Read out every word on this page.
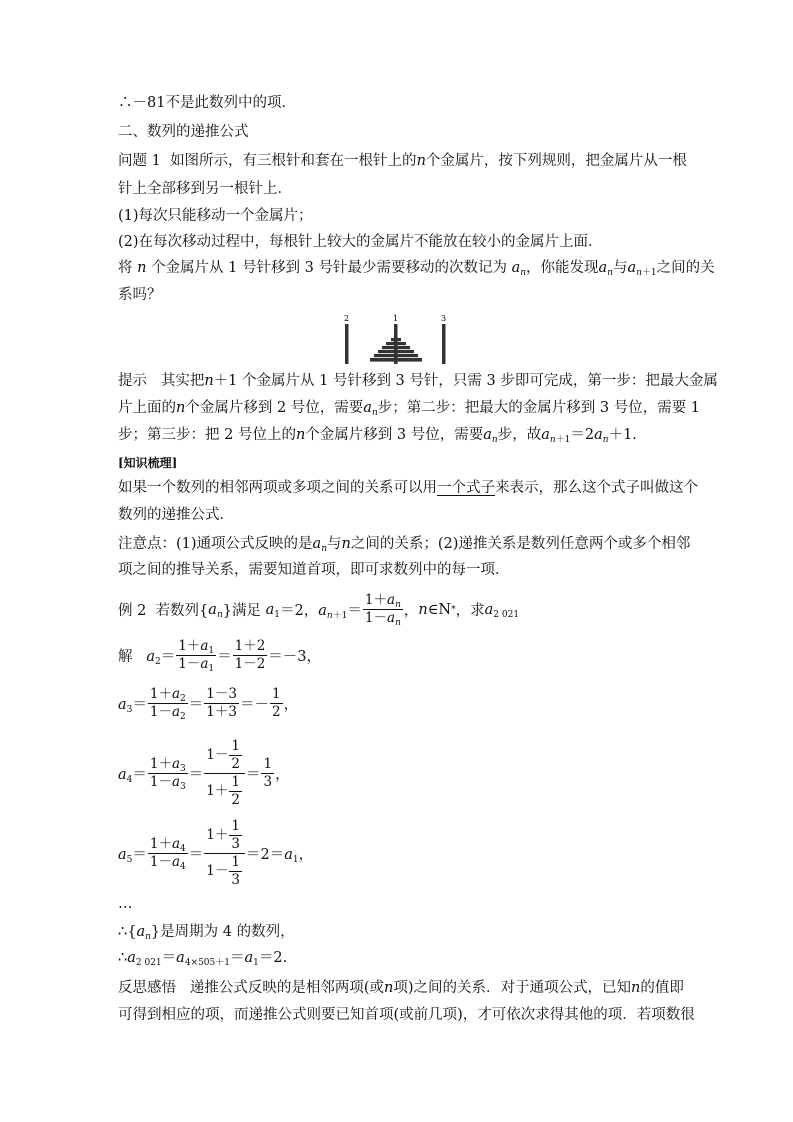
∴－81不是此数列中的项．
二、数列的递推公式
问题 1 如图所示，有三根针和套在一根针上的n个金属片，按下列规则，把金属片从一根
针上全部移到另一根针上．
(1)每次只能移动一个金属片；
(2)在每次移动过程中，每根针上较大的金属片不能放在较小的金属片上面．
将 n 个金属片从 1 号针移到 3 号针最少需要移动的次数记为 $a_n$，你能发现$a_n$与$a_{n+1}$之间的关
系吗？
2	1	3
提示 其实把n＋1 个金属片从 1 号针移到 3 号针，只需 3 步即可完成，第一步：把最大金属
片上面的n个金属片移到 2 号位，需要$a_n$步；第二步：把最大的金属片移到 3 号位，需要 1
步；第三步：把 2 号位上的n个金属片移到 3 号位，需要$a_n$步，故$a_{n+1}=2a_n+1$.
[知识梳理]
如果一个数列的相邻两项或多项之间的关系可以用一个式子来表示，那么这个式子叫做这个
数列的递推公式．
注意点：(1)通项公式反映的是$a_n$与n之间的关系；(2)递推关系是数列任意两个或多个相邻
项之间的推导关系，需要知道首项，即可求数列中的每一项．
例 2
若数列{ $a_n$ }满足 $a_1 =2$， $a_{n+1}= \frac{1+a_n}{1-a_n}$ ， n ∈N * ，求 $a_{2 021}$
解
$a_2= \frac{1+a_1}{1-a_1} = \frac{1+2}{1-2} =-3$，
$a_3= \frac{1+a_2}{1-a_2} = \frac{1-3}{1+3} =- \frac{1}{2}$ ，
$a_4= \frac{1+a_3}{1-a_3} = \frac{1- \frac{1}{2}}{1+ \frac{1}{2}} = \frac{1}{3}$ ，
$a_5= \frac{1+a_4}{1-a_4} = \frac{1+ \frac{1}{3}}{1- \frac{1}{3}} =2=a_1$，
…
$\therefore\{a_n\}$是周期为 4 的数列，
$\therefore a_{2 021}=a_{4\times 505+1}=a_1=2$.
反思感悟 递推公式反映的是相邻两项(或n项)之间的关系．对于通项公式，已知n的值即
可得到相应的项，而递推公式则要已知首项(或前几项)，才可依次求得其他的项．若项数很
